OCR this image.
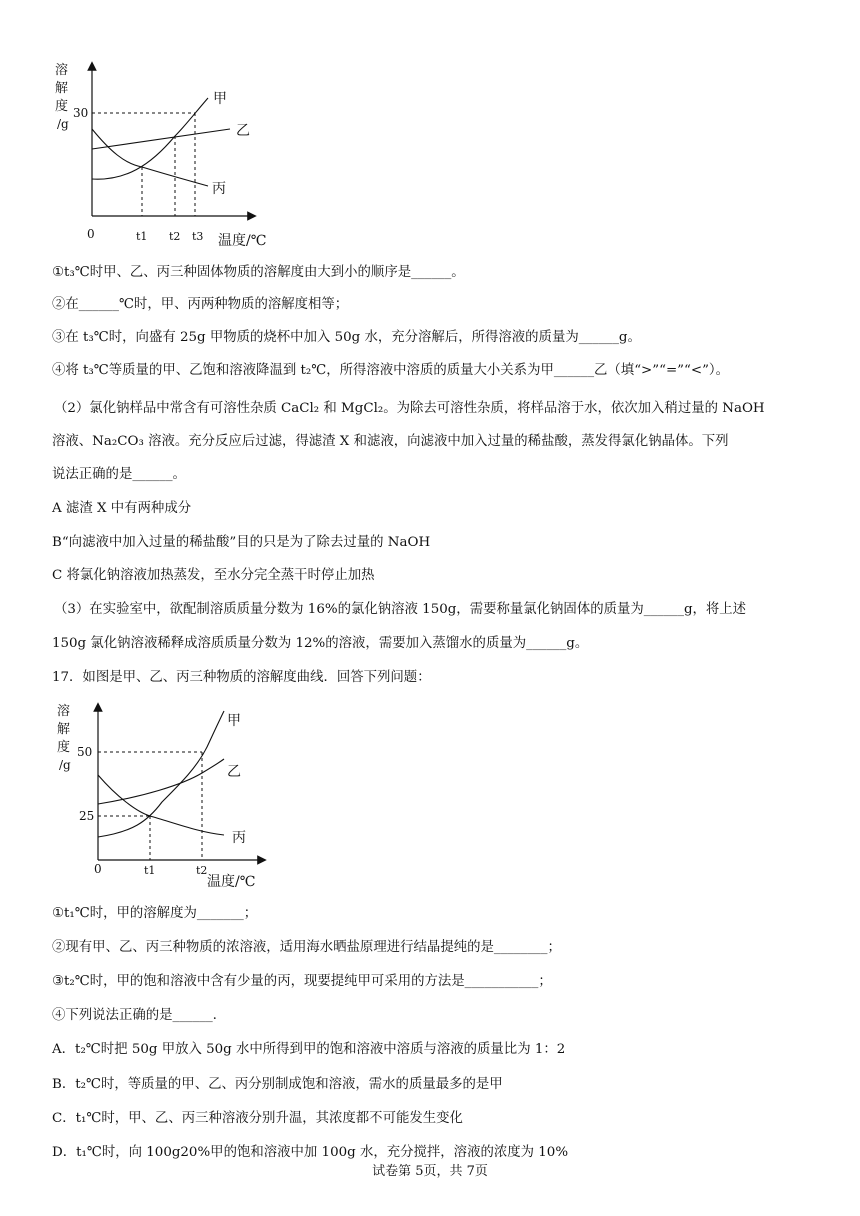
溶
解
度
/g
30
甲
乙
丙
0	t1 t2 t3 温度/℃
①t₃℃时甲、乙、丙三种固体物质的溶解度由大到小的顺序是______。
②在______℃时，甲、丙两种物质的溶解度相等；
③在 t₃℃时，向盛有 25g 甲物质的烧杯中加入 50g 水，充分溶解后，所得溶液的质量为______g。
④将 t₃℃等质量的甲、乙饱和溶液降温到 t₂℃，所得溶液中溶质的质量大小关系为甲______乙（填“>”“=”“<”）。
（2）氯化钠样品中常含有可溶性杂质 CaCl₂ 和 MgCl₂。为除去可溶性杂质，将样品溶于水，依次加入稍过量的 NaOH
溶液、Na₂CO₃ 溶液。充分反应后过滤，得滤渣 X 和滤液，向滤液中加入过量的稀盐酸，蒸发得氯化钠晶体。下列
说法正确的是______。
A 滤渣 X 中有两种成分
B“向滤液中加入过量的稀盐酸”目的只是为了除去过量的 NaOH
C 将氯化钠溶液加热蒸发，至水分完全蒸干时停止加热
（3）在实验室中，欲配制溶质质量分数为 16%的氯化钠溶液 150g，需要称量氯化钠固体的质量为______g，将上述
150g 氯化钠溶液稀释成溶质质量分数为 12%的溶液，需要加入蒸馏水的质量为______g。
17．如图是甲、乙、丙三种物质的溶解度曲线．回答下列问题：
溶
解
度
/g
50
25
甲
乙
丙
0	t1	t2
温度/℃
①t₁℃时，甲的溶解度为_______；
②现有甲、乙、丙三种物质的浓溶液，适用海水晒盐原理进行结晶提纯的是________；
③t₂℃时，甲的饱和溶液中含有少量的丙，现要提纯甲可采用的方法是___________；
④下列说法正确的是______.
A．t₂℃时把 50g 甲放入 50g 水中所得到甲的饱和溶液中溶质与溶液的质量比为 1：2
B．t₂℃时，等质量的甲、乙、丙分别制成饱和溶液，需水的质量最多的是甲
C．t₁℃时，甲、乙、丙三种溶液分别升温，其浓度都不可能发生变化
D．t₁℃时，向 100g20%甲的饱和溶液中加 100g 水，充分搅拌，溶液的浓度为 10%
试卷第 5页，共 7页
